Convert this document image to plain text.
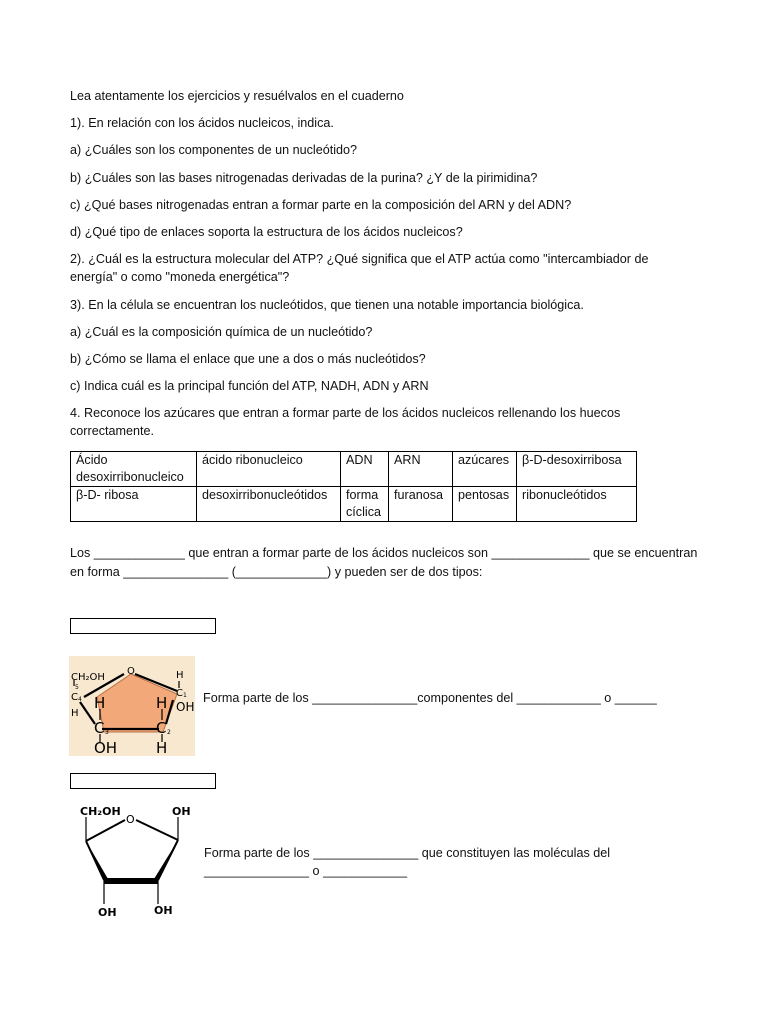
Lea atentamente los ejercicios y resuélvalos en el cuaderno
1). En relación con los ácidos nucleicos, indica.
a) ¿Cuáles son los componentes de un nucleótido?
b) ¿Cuáles son las bases nitrogenadas derivadas de la purina? ¿Y de la pirimidina?
c) ¿Qué bases nitrogenadas entran a formar parte en la composición del ARN y del ADN?
d) ¿Qué tipo de enlaces soporta la estructura de los ácidos nucleicos?
2). ¿Cuál es la estructura molecular del ATP? ¿Qué significa que el ATP actúa como "intercambiador de
energía" o como "moneda energética"?
3). En la célula se encuentran los nucleótidos, que tienen una notable importancia biológica.
a) ¿Cuál es la composición química de un nucleótido?
b) ¿Cómo se llama el enlace que une a dos o más nucleótidos?
c) Indica cuál es la principal función del ATP, NADH, ADN y ARN
4. Reconoce los azúcares que entran a formar parte de los ácidos nucleicos rellenando los huecos
correctamente.
Ácido desoxirribonucleico	ácido ribonucleico	ADN	ARN	azúcares	β-D-desoxirribosa
β-D- ribosa	desoxirribonucleótidos	forma cíclica	furanosa	pentosas	ribonucleótidos
Los _____________ que entran a formar parte de los ácidos nucleicos son ______________ que se encuentran
en forma _______________ (_____________) y pueden ser de dos tipos:
CH₂OH
O	H
5
C 4
C 1
H
H	H OH
C 3	C 2
OH	H
Forma parte de los _______________componentes del ____________ o ______
CH₂OH
O
OH
OH	OH
Forma parte de los _______________ que constituyen las moléculas del
_______________ o ____________
